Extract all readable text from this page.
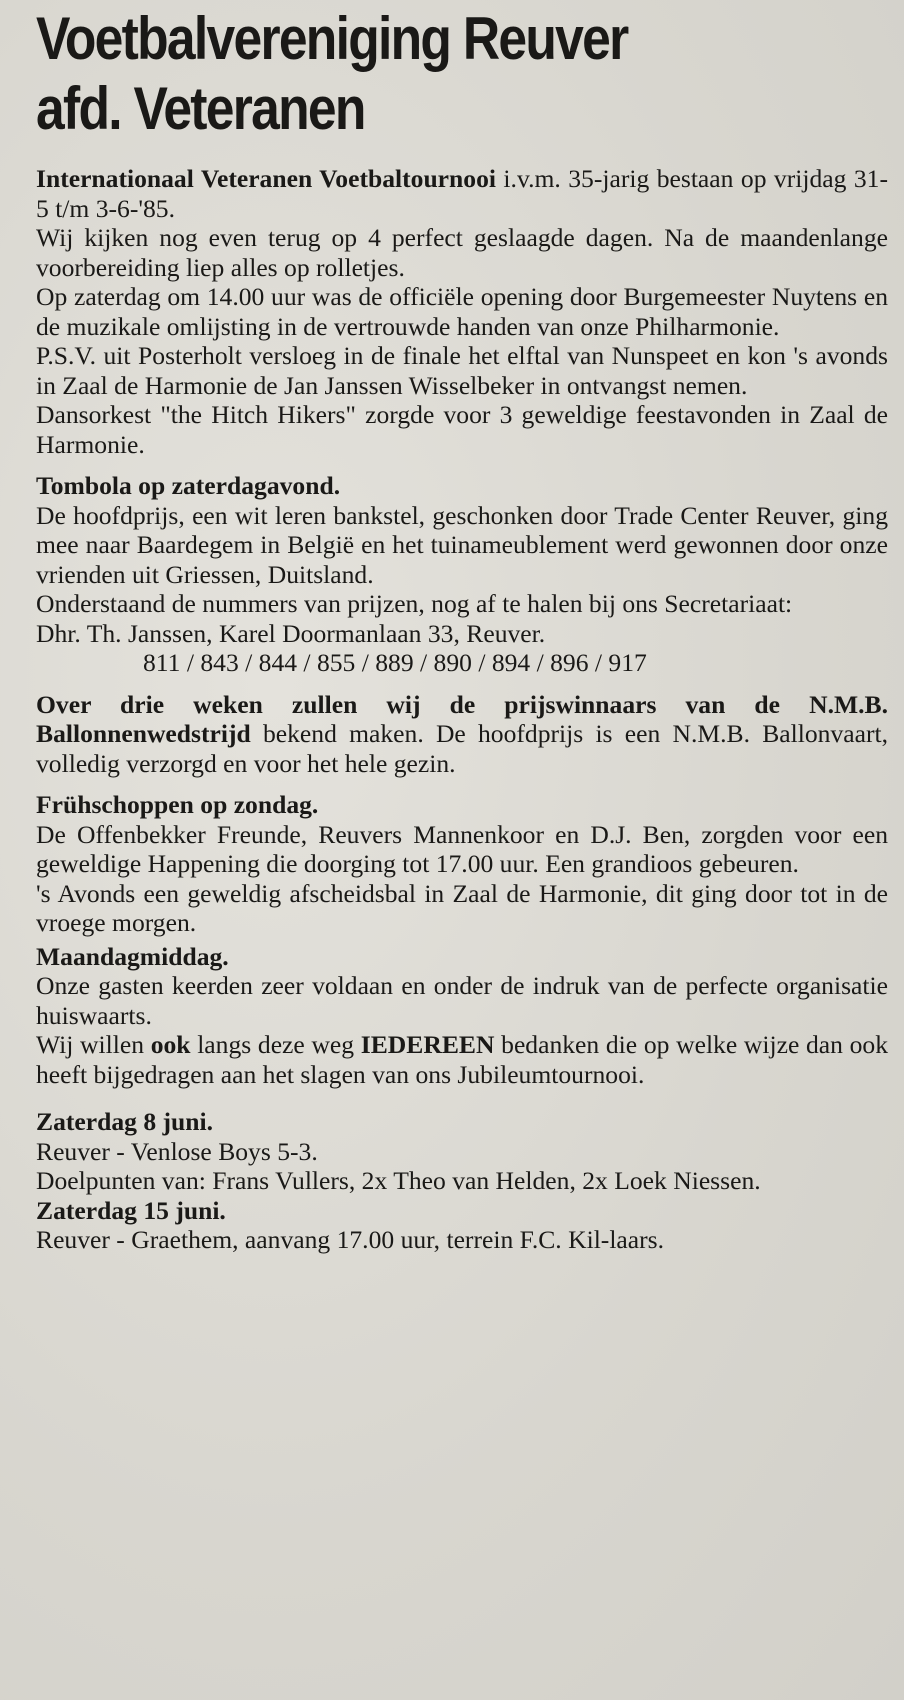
Voetbalvereniging Reuver
afd. Veteranen

Internationaal Veteranen Voetbaltournooi i.v.m. 35-jarig bestaan op vrijdag 31-5 t/m 3-6-'85.

Wij kijken nog even terug op 4 perfect geslaagde dagen. Na de maandenlange voorbereiding liep alles op rolletjes.

Op zaterdag om 14.00 uur was de officiële opening door Burgemeester Nuytens en de muzikale omlijsting in de vertrouwde handen van onze Philharmonie.

P.S.V. uit Posterholt versloeg in de finale het elftal van Nunspeet en kon 's avonds in Zaal de Harmonie de Jan Janssen Wisselbeker in ontvangst nemen.

Dansorkest "the Hitch Hikers" zorgde voor 3 geweldige feestavonden in Zaal de Harmonie.

Tombola op zaterdagavond.

De hoofdprijs, een wit leren bankstel, geschonken door Trade Center Reuver, ging mee naar Baardegem in België en het tuinameublement werd gewonnen door onze vrienden uit Griessen, Duitsland.

Onderstaand de nummers van prijzen, nog af te halen bij ons Secretariaat:

Dhr. Th. Janssen, Karel Doormanlaan 33, Reuver.

811 / 843 / 844 / 855 / 889 / 890 / 894 / 896 / 917

Over drie weken zullen wij de prijswinnaars van de N.M.B. Ballonnenwedstrijd bekend maken. De hoofdprijs is een N.M.B. Ballonvaart, volledig verzorgd en voor het hele gezin.

Frühschoppen op zondag.

De Offenbekker Freunde, Reuvers Mannenkoor en D.J. Ben, zorgden voor een geweldige Happening die doorging tot 17.00 uur. Een grandioos gebeuren.

's Avonds een geweldig afscheidsbal in Zaal de Harmonie, dit ging door tot in de vroege morgen.

Maandagmiddag.

Onze gasten keerden zeer voldaan en onder de indruk van de perfecte organisatie huiswaarts.

Wij willen ook langs deze weg IEDEREEN bedanken die op welke wijze dan ook heeft bijgedragen aan het slagen van ons Jubileumtournooi.

Zaterdag 8 juni.

Reuver - Venlose Boys 5-3.

Doelpunten van: Frans Vullers, 2x Theo van Helden, 2x Loek Niessen.

Zaterdag 15 juni.

Reuver - Graethem, aanvang 17.00 uur, terrein F.C. Kil-laars.
